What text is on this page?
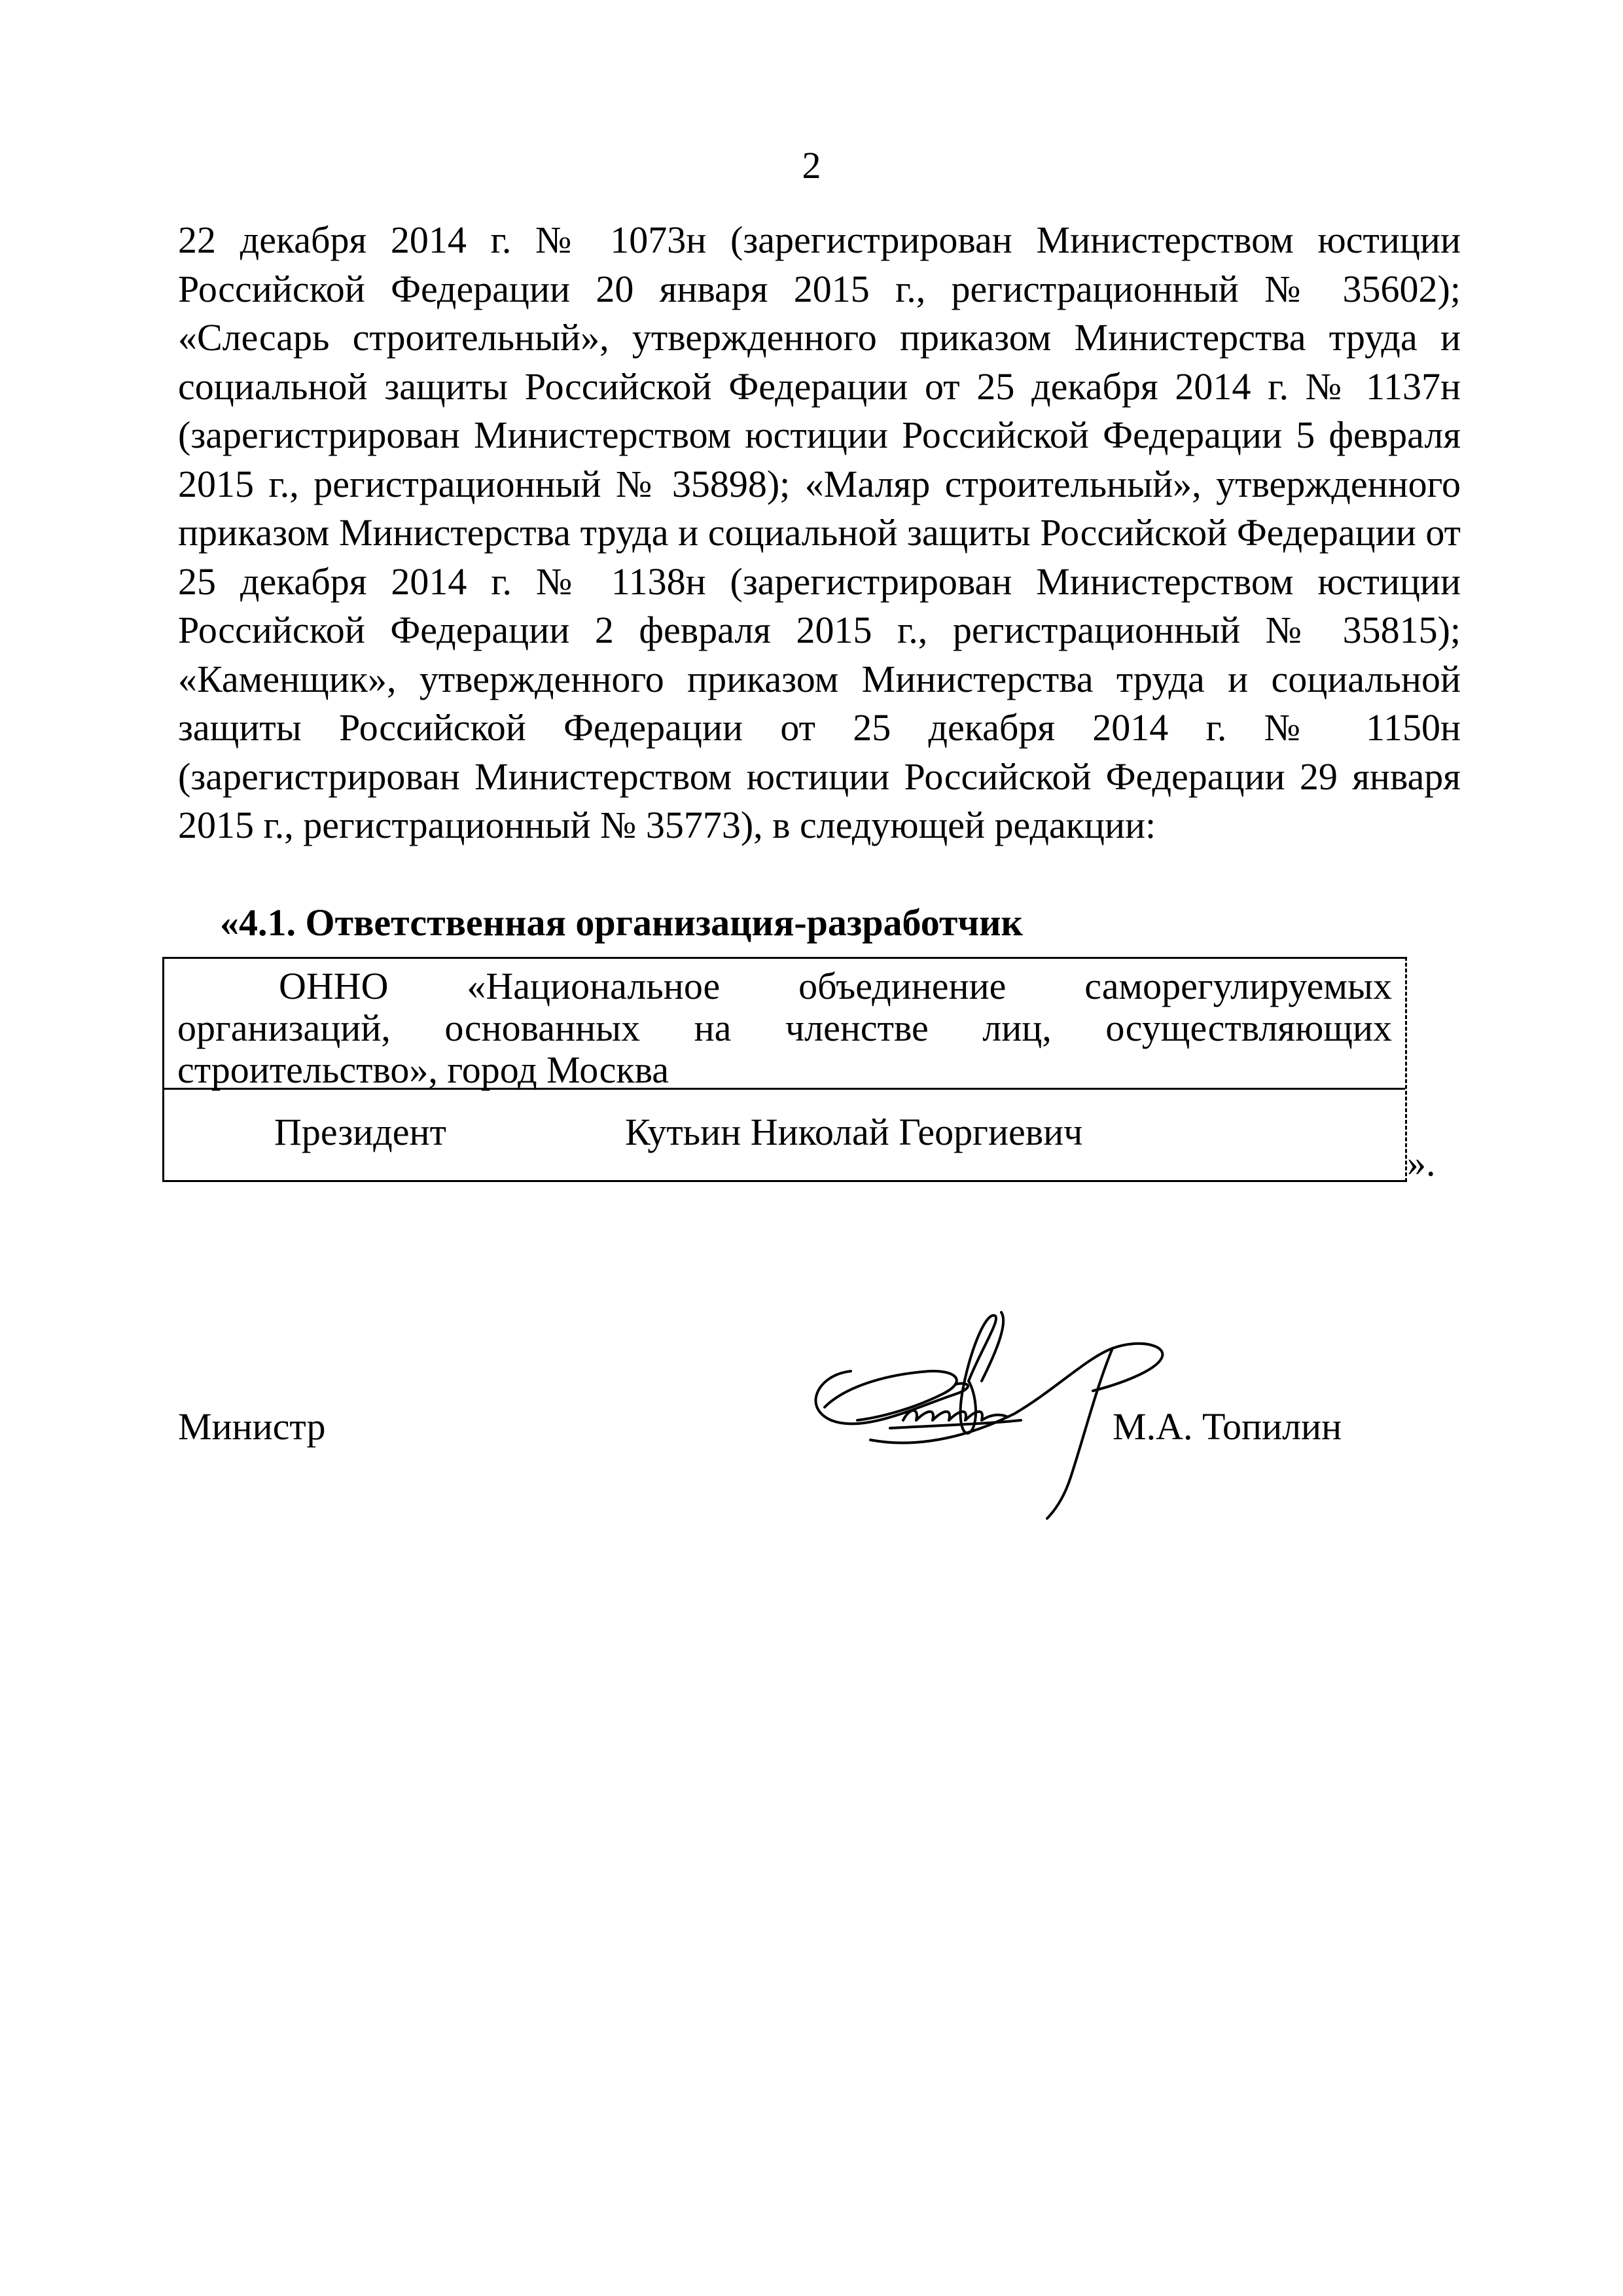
2

22 декабря 2014 г. № 1073н (зарегистрирован Министерством юстиции Российской Федерации 20 января 2015 г., регистрационный № 35602); «Слесарь строительный», утвержденного приказом Министерства труда и социальной защиты Российской Федерации от 25 декабря 2014 г. № 1137н (зарегистрирован Министерством юстиции Российской Федерации 5 февраля 2015 г., регистрационный № 35898); «Маляр строительный», утвержденного приказом Министерства труда и социальной защиты Российской Федерации от 25 декабря 2014 г. № 1138н (зарегистрирован Министерством юстиции Российской Федерации 2 февраля 2015 г., регистрационный № 35815); «Каменщик», утвержденного приказом Министерства труда и социальной защиты Российской Федерации от 25 декабря 2014 г. № 1150н (зарегистрирован Министерством юстиции Российской Федерации 29 января 2015 г., регистрационный № 35773), в следующей редакции:

«4.1. Ответственная организация-разработчик

ОННО «Национальное объединение саморегулируемых организаций, основанных на членстве лиц, осуществляющих строительство», город Москва
Президент	Кутьин Николай Георгиевич
».
Министр	М.А. Топилин
